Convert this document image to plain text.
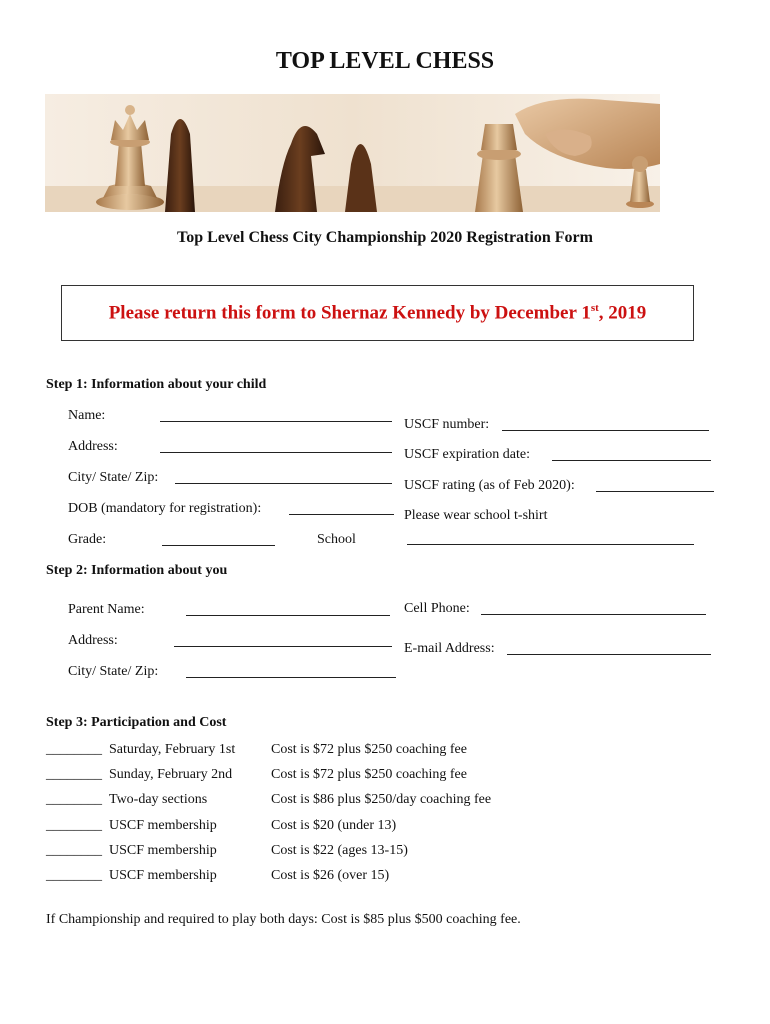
TOP LEVEL CHESS
Top Level Chess City Championship 2020 Registration Form
Please return this form to Shernaz Kennedy by December 1st, 2019
Step 1: Information about your child
Name:
Address:
City/ State/ Zip:
DOB (mandatory for registration):
Grade:	School
USCF number:
USCF expiration date:
USCF rating (as of Feb 2020):
Please wear school t-shirt
Step 2: Information about you
Parent Name:
Address:
City/ State/ Zip:
Cell Phone:
E-mail Address:
Step 3: Participation and Cost
________ Saturday, February 1st	Cost is $72 plus $250 coaching fee
________ Sunday, February 2nd	Cost is $72 plus $250 coaching fee
________ Two-day sections	Cost is $86 plus $250/day coaching fee
________ USCF membership	Cost is $20 (under 13)
________ USCF membership	Cost is $22 (ages 13-15)
________ USCF membership	Cost is $26 (over 15)
If Championship and required to play both days: Cost is $85 plus $500 coaching fee.
